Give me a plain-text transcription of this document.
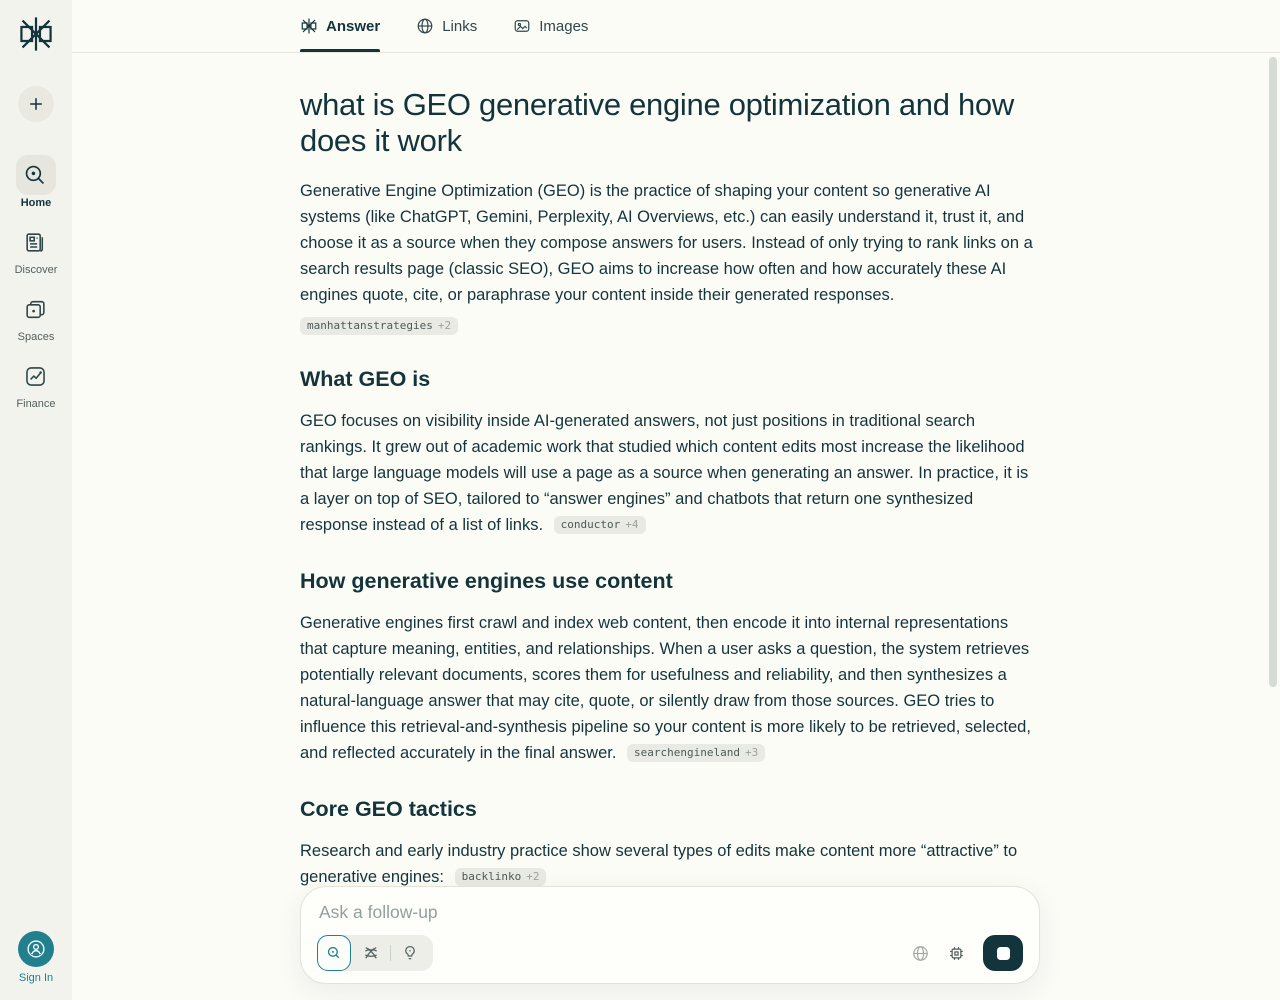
Home
Discover
Spaces
Finance
Sign In
Answer	Links	Images
what is GEO generative engine optimization and how does it work

Generative Engine Optimization (GEO) is the practice of shaping your content so generative AI systems (like ChatGPT, Gemini, Perplexity, AI Overviews, etc.) can easily understand it, trust it, and choose it as a source when they compose answers for users. Instead of only trying to rank links on a search results page (classic SEO), GEO aims to increase how often and how accurately these AI engines quote, cite, or paraphrase your content inside their generated responses.

manhattanstrategies +2
What GEO is

GEO focuses on visibility inside AI-generated answers, not just positions in traditional search rankings. It grew out of academic work that studied which content edits most increase the likelihood that large language models will use a page as a source when generating an answer. In practice, it is a layer on top of SEO, tailored to “answer engines” and chatbots that return one synthesized response instead of a list of links. conductor +4

How generative engines use content

Generative engines first crawl and index web content, then encode it into internal representations that capture meaning, entities, and relationships. When a user asks a question, the system retrieves potentially relevant documents, scores them for usefulness and reliability, and then synthesizes a natural-language answer that may cite, quote, or silently draw from those sources. GEO tries to influence this retrieval-and-synthesis pipeline so your content is more likely to be retrieved, selected, and reflected accurately in the final answer. searchengineland +3

Core GEO tactics

Research and early industry practice show several types of edits make content more “attractive” to generative engines: backlinko +2

•
Ask a follow-up
